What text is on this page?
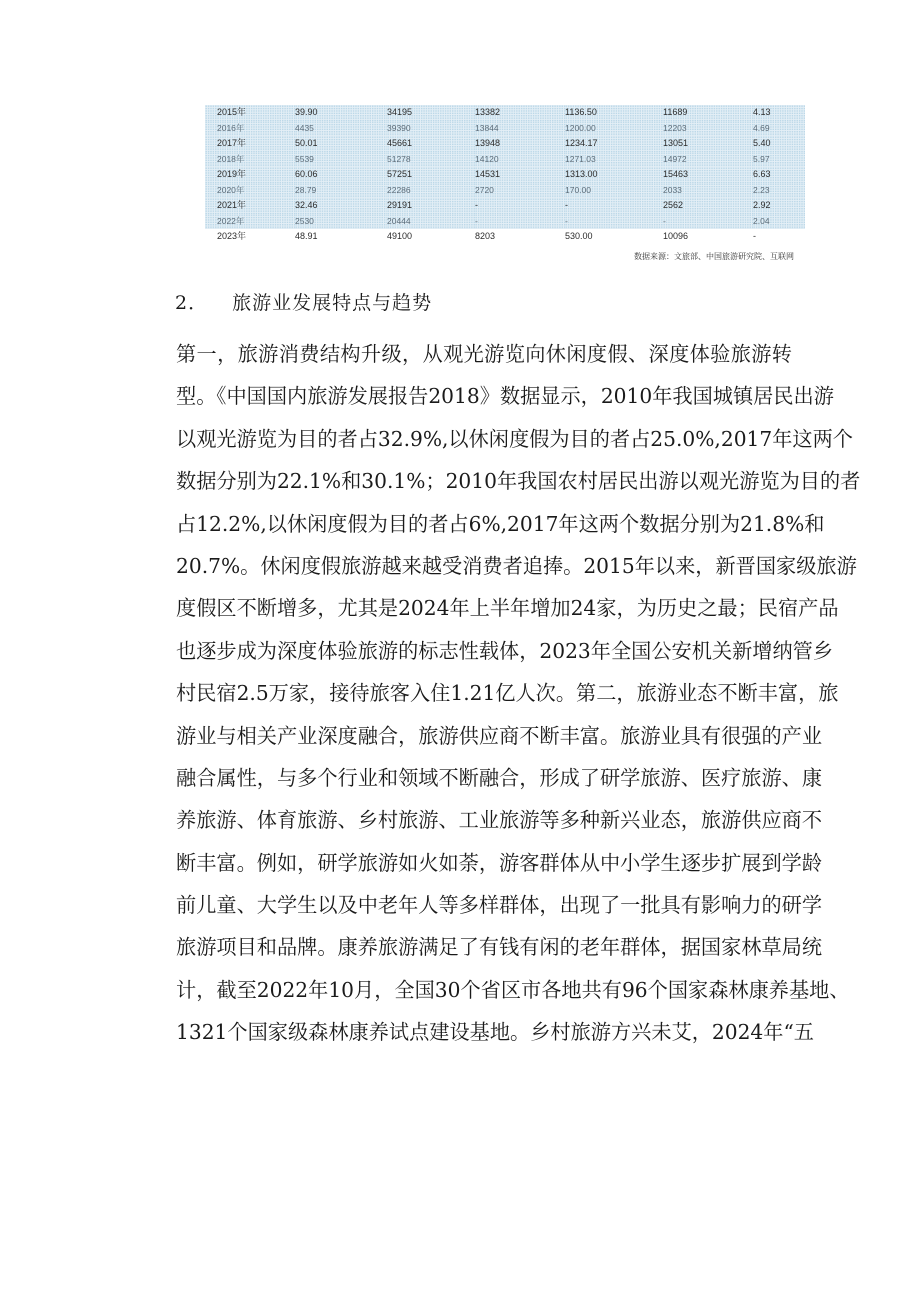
2015年	39.90	34195	13382	1136.50	11689	4.13
2016年	4435	39390	13844	1200.00	12203	4.69
2017年	50.01	45661	13948	1234.17	13051	5.40
2018年	5539	51278	14120	1271.03	14972	5.97
2019年	60.06	57251	14531	1313.00	15463	6.63
2020年	28.79	22286	2720	170.00	2033	2.23
2021年	32.46	29191	-	-	2562	2.92
2022年	2530	20444	-	-	-	2.04
2023年	48.91	49100	8203	530.00	10096	-
数据来源：文旅部、中国旅游研究院、互联网
2． 旅游业发展特点与趋势
第一，旅游消费结构升级，从观光游览向休闲度假、深度体验旅游转
型。《中国国内旅游发展报告2018》数据显示，2010年我国城镇居民出游
以观光游览为目的者占32.9%,以休闲度假为目的者占25.0%,2017年这两个
数据分别为22.1%和30.1%；2010年我国农村居民出游以观光游览为目的者
占12.2%,以休闲度假为目的者占6%,2017年这两个数据分别为21.8%和
20.7%。休闲度假旅游越来越受消费者追捧。2015年以来，新晋国家级旅游
度假区不断增多，尤其是2024年上半年增加24家，为历史之最；民宿产品
也逐步成为深度体验旅游的标志性载体，2023年全国公安机关新增纳管乡
村民宿2.5万家，接待旅客入住1.21亿人次。第二，旅游业态不断丰富，旅
游业与相关产业深度融合，旅游供应商不断丰富。旅游业具有很强的产业
融合属性，与多个行业和领域不断融合，形成了研学旅游、医疗旅游、康
养旅游、体育旅游、乡村旅游、工业旅游等多种新兴业态，旅游供应商不
断丰富。例如，研学旅游如火如荼，游客群体从中小学生逐步扩展到学龄
前儿童、大学生以及中老年人等多样群体，出现了一批具有影响力的研学
旅游项目和品牌。康养旅游满足了有钱有闲的老年群体，据国家林草局统
计，截至2022年10月，全国30个省区市各地共有96个国家森林康养基地、
1321个国家级森林康养试点建设基地。乡村旅游方兴未艾，2024年“五
